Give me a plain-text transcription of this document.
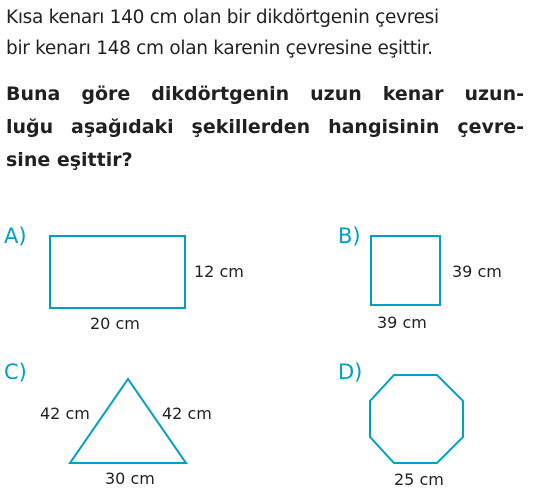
Kısa kenarı 140 cm olan bir dikdörtgenin çevresi
bir kenarı 148 cm olan karenin çevresine eşittir.

Buna göre dikdörtgenin uzun kenar uzun-
luğu aşağıdaki şekillerden hangisinin çevre-
sine eşittir?

A)
12 cm
20 cm
B)
39 cm
39 cm
C)
42 cm	42 cm
30 cm
D)
25 cm
